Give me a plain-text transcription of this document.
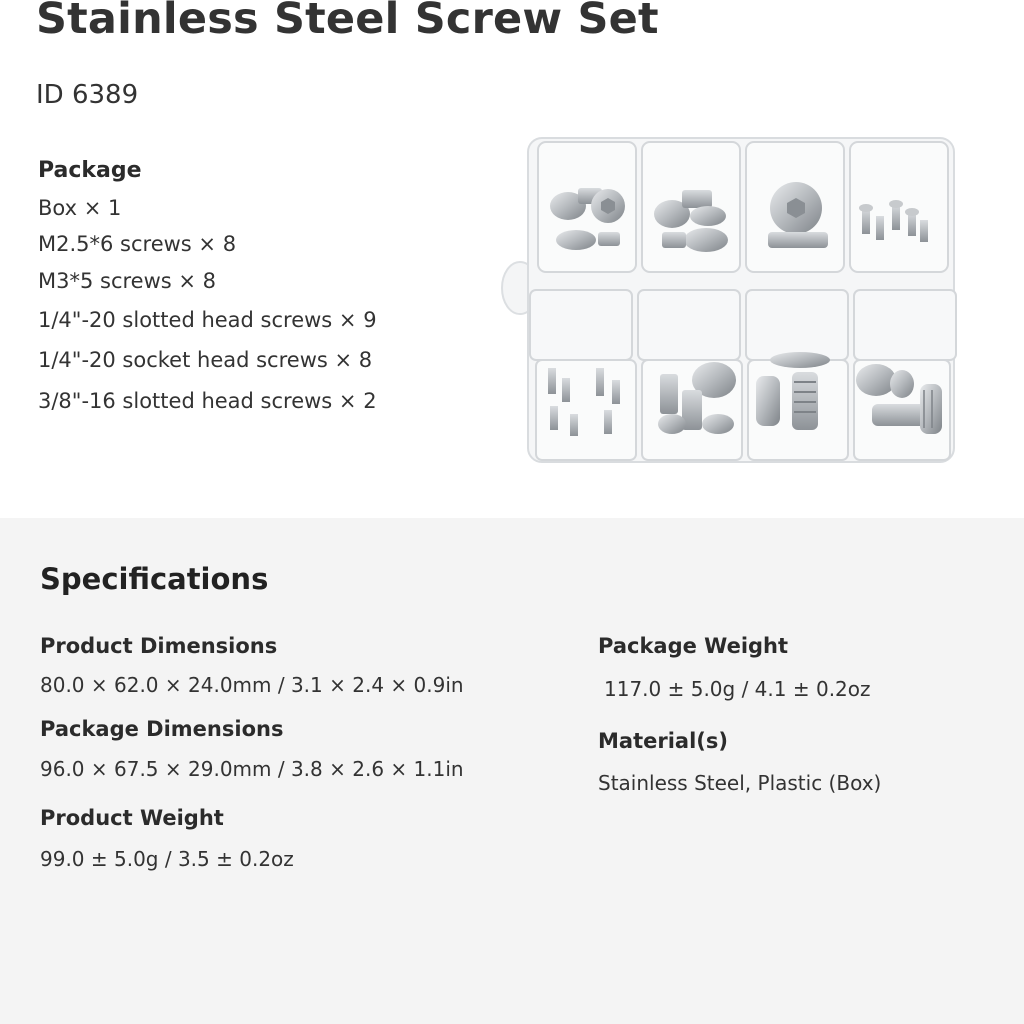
Stainless Steel Screw Set
ID 6389
Package
Box × 1
M2.5*6 screws × 8
M3*5 screws × 8
1/4"-20 slotted head screws × 9
1/4"-20 socket head screws × 8
3/8"-16 slotted head screws × 2
Specifications
Product Dimensions
80.0 × 62.0 × 24.0mm / 3.1 × 2.4 × 0.9in
Package Dimensions
96.0 × 67.5 × 29.0mm / 3.8 × 2.6 × 1.1in
Product Weight
99.0 ± 5.0g / 3.5 ± 0.2oz
Package Weight
117.0 ± 5.0g / 4.1 ± 0.2oz
Material(s)
Stainless Steel, Plastic (Box)
